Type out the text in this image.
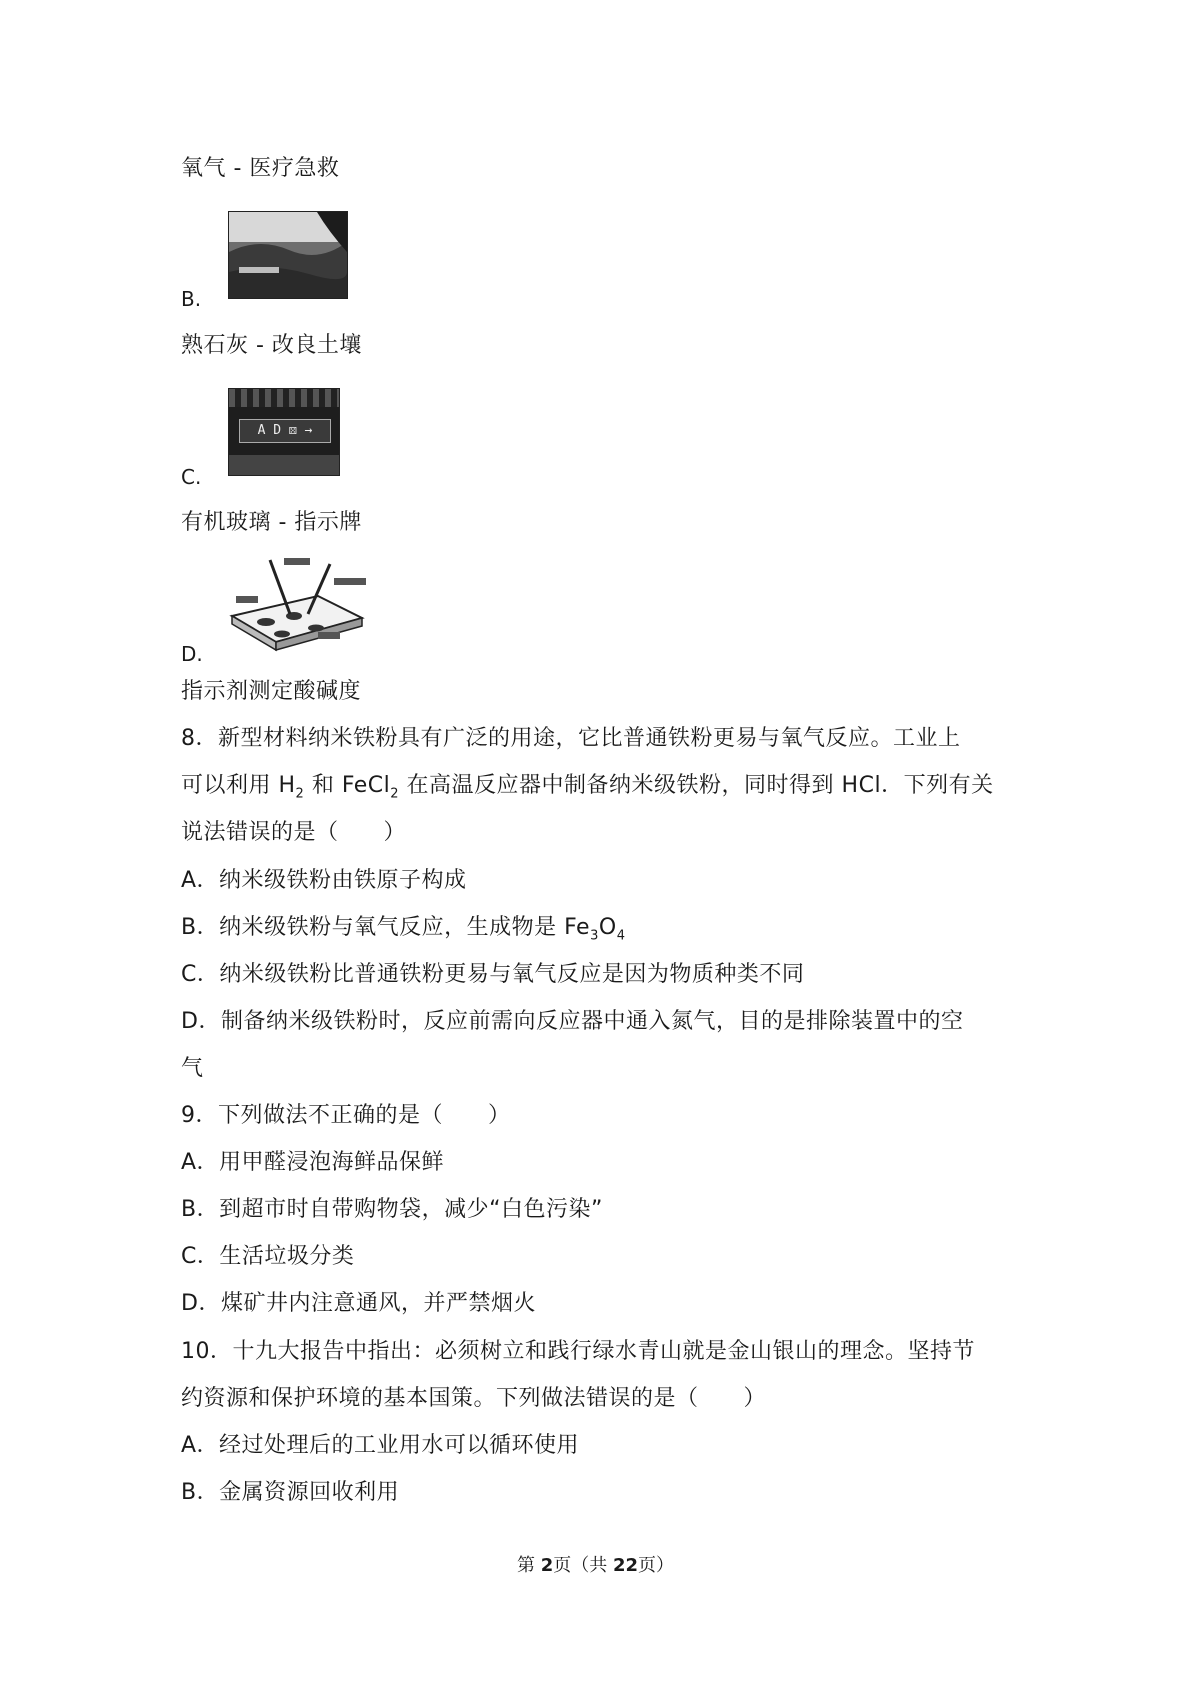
氧气 - 医疗急救
B.
熟石灰 - 改良土壤
A D ⚄ →
C.
有机玻璃 - 指示牌
D.
指示剂测定酸碱度
8．新型材料纳米铁粉具有广泛的用途，它比普通铁粉更易与氧气反应。工业上
可以利用 $H_2$ 和 FeCl$_2$ 在高温反应器中制备纳米级铁粉，同时得到 HCl．下列有关
说法错误的是（　　）
A．纳米级铁粉由铁原子构成
B．纳米级铁粉与氧气反应，生成物是 $Fe_3O_4$
C．纳米级铁粉比普通铁粉更易与氧气反应是因为物质种类不同
D．制备纳米级铁粉时，反应前需向反应器中通入氮气，目的是排除装置中的空
气
9．下列做法不正确的是（　　）
A．用甲醛浸泡海鲜品保鲜
B．到超市时自带购物袋，减少“白色污染”
C．生活垃圾分类
D．煤矿井内注意通风，并严禁烟火
10．十九大报告中指出：必须树立和践行绿水青山就是金山银山的理念。坚持节
约资源和保护环境的基本国策。下列做法错误的是（　　）
A．经过处理后的工业用水可以循环使用
B．金属资源回收利用
第 2页（共 22页）
